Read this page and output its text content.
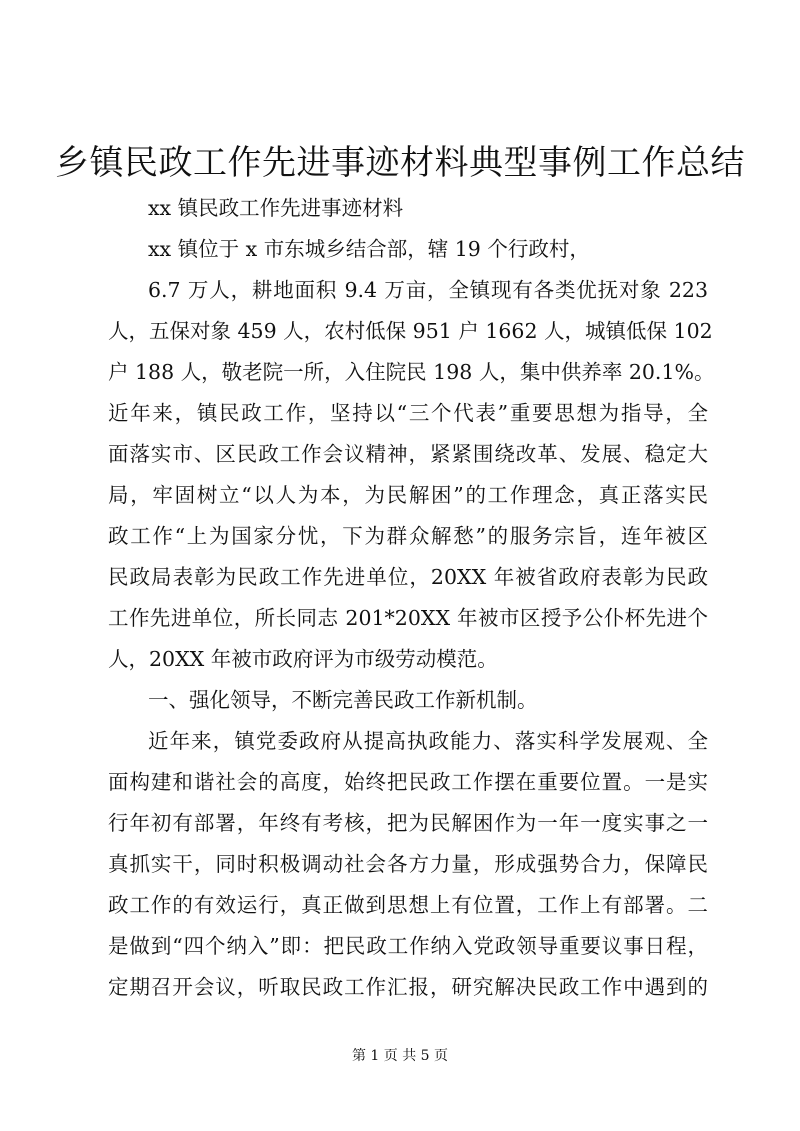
乡镇民政工作先进事迹材料典型事例工作总结
xx 镇民政工作先进事迹材料
xx 镇位于 x 市东城乡结合部，辖 19 个行政村，
6.7 万人，耕地面积 9.4 万亩，全镇现有各类优抚对象 223
人，五保对象 459 人，农村低保 951 户 1662 人，城镇低保 102
户 188 人，敬老院一所，入住院民 198 人，集中供养率 20.1%。
近年来，镇民政工作，坚持以“三个代表”重要思想为指导，全
面落实市、区民政工作会议精神，紧紧围绕改革、发展、稳定大
局，牢固树立“以人为本，为民解困”的工作理念，真正落实民
政工作“上为国家分忧，下为群众解愁”的服务宗旨，连年被区
民政局表彰为民政工作先进单位，20XX 年被省政府表彰为民政
工作先进单位，所长同志 201*20XX 年被市区授予公仆杯先进个
人，20XX 年被市政府评为市级劳动模范。
一、强化领导，不断完善民政工作新机制。
近年来，镇党委政府从提高执政能力、落实科学发展观、全
面构建和谐社会的高度，始终把民政工作摆在重要位置。一是实
行年初有部署，年终有考核，把为民解困作为一年一度实事之一
真抓实干，同时积极调动社会各方力量，形成强势合力，保障民
政工作的有效运行，真正做到思想上有位置，工作上有部署。二
是做到“四个纳入”即：把民政工作纳入党政领导重要议事日程，
定期召开会议，听取民政工作汇报，研究解决民政工作中遇到的
第 1 页 共 5 页
